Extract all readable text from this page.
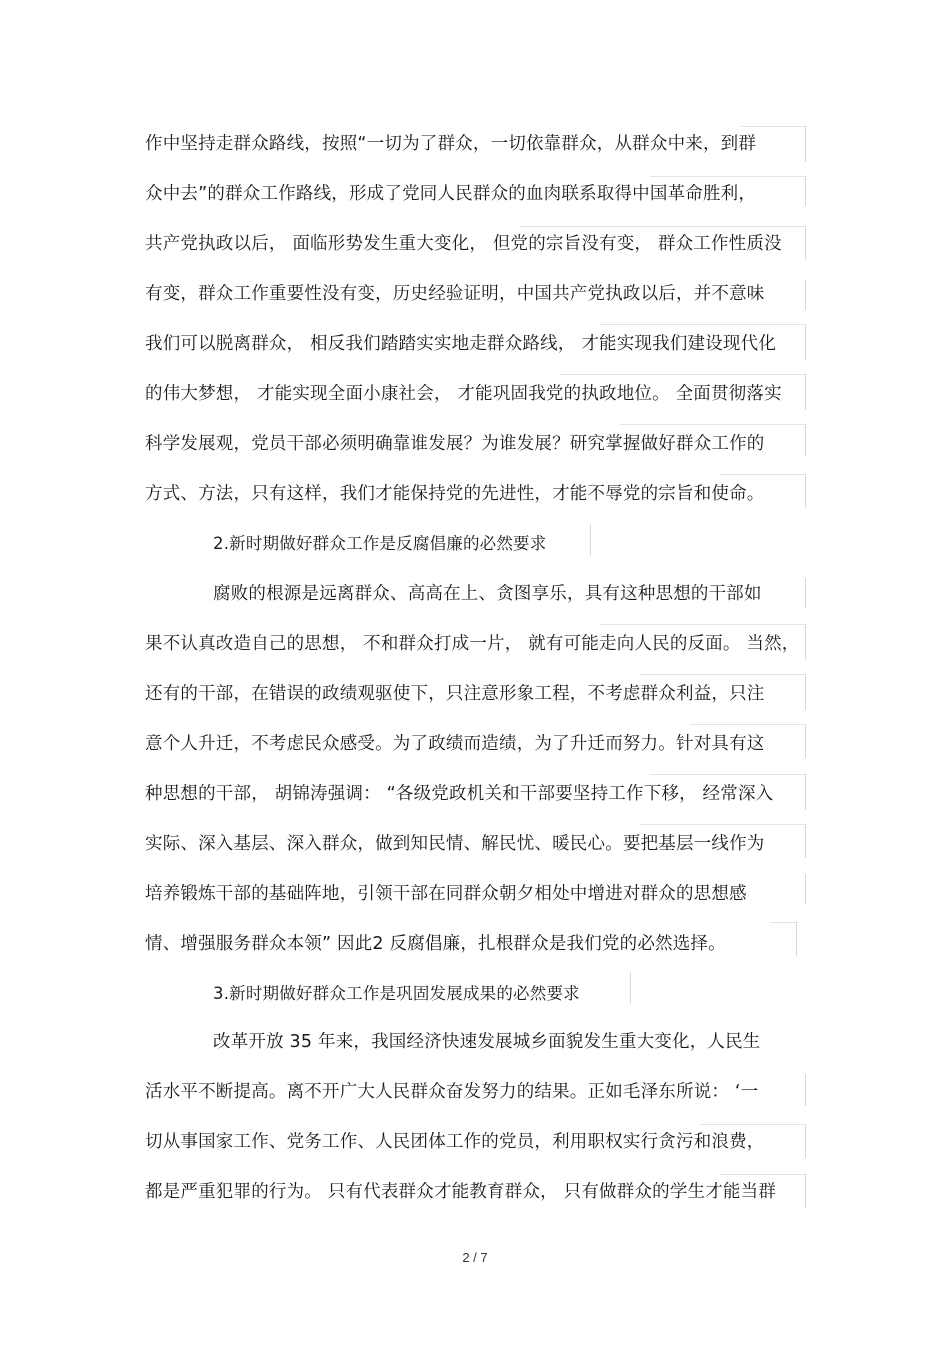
作中坚持走群众路线，按照“一切为了群众，一切依靠群众，从群众中来，到群
众中去”的群众工作路线，形成了党同人民群众的血肉联系取得中国革命胜利，
共产党执政以后， 面临形势发生重大变化， 但党的宗旨没有变， 群众工作性质没
有变，群众工作重要性没有变，历史经验证明，中国共产党执政以后，并不意味
我们可以脱离群众， 相反我们踏踏实实地走群众路线， 才能实现我们建设现代化
的伟大梦想， 才能实现全面小康社会， 才能巩固我党的执政地位。 全面贯彻落实
科学发展观，党员干部必须明确靠谁发展？为谁发展？研究掌握做好群众工作的
方式、方法，只有这样，我们才能保持党的先进性，才能不辱党的宗旨和使命。
2.新时期做好群众工作是反腐倡廉的必然要求
腐败的根源是远离群众、高高在上、贪图享乐，具有这种思想的干部如
果不认真改造自己的思想， 不和群众打成一片， 就有可能走向人民的反面。 当然，
还有的干部，在错误的政绩观驱使下，只注意形象工程，不考虑群众利益，只注
意个人升迁，不考虑民众感受。为了政绩而造绩，为了升迁而努力。针对具有这
种思想的干部， 胡锦涛强调： “各级党政机关和干部要坚持工作下移， 经常深入
实际、深入基层、深入群众，做到知民情、解民忧、暖民心。要把基层一线作为
培养锻炼干部的基础阵地，引领干部在同群众朝夕相处中增进对群众的思想感
情、增强服务群众本领” 因此2 反腐倡廉，扎根群众是我们党的必然选择。
3.新时期做好群众工作是巩固发展成果的必然要求
改革开放 35 年来，我国经济快速发展城乡面貌发生重大变化，人民生
活水平不断提高。离不开广大人民群众奋发努力的结果。正如毛泽东所说： ‘一
切从事国家工作、党务工作、人民团体工作的党员，利用职权实行贪污和浪费，
都是严重犯罪的行为。 只有代表群众才能教育群众， 只有做群众的学生才能当群
2 / 7
